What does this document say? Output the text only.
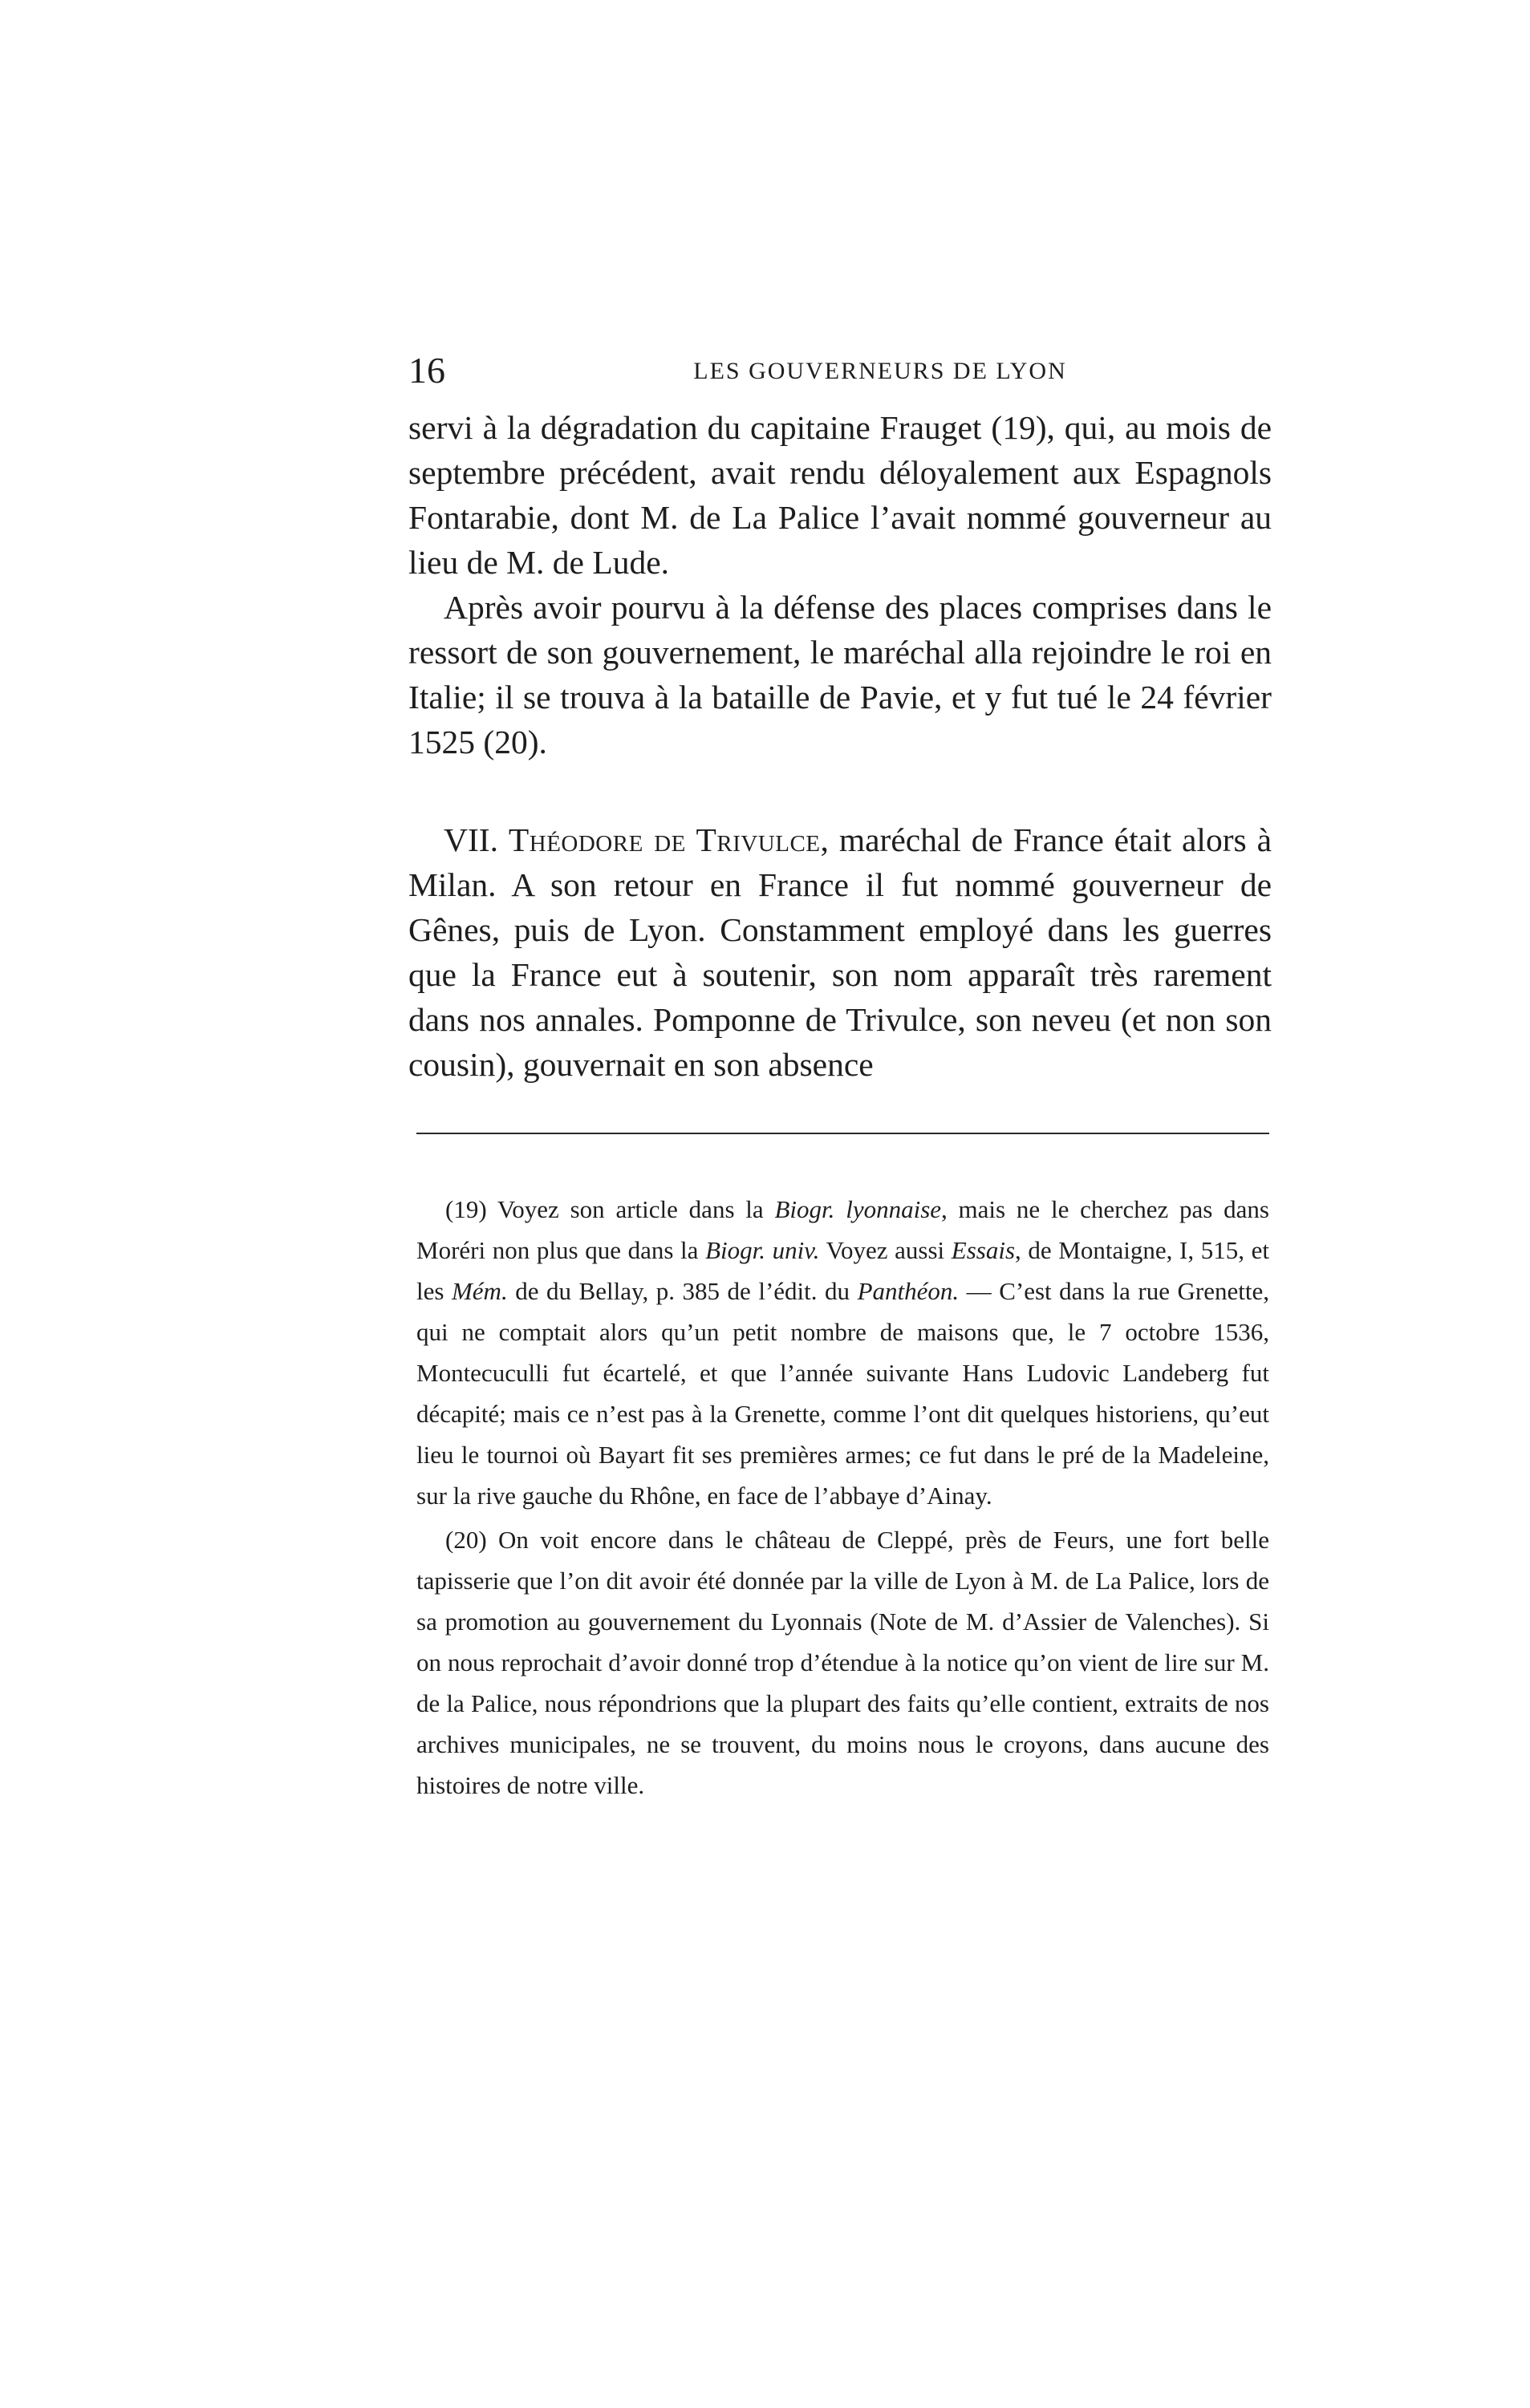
16	LES GOUVERNEURS DE LYON

servi à la dégradation du capitaine Frauget (19), qui, au mois de septembre précédent, avait rendu déloyalement aux Espagnols Fontarabie, dont M. de La Palice l’avait nommé gouverneur au lieu de M. de Lude.

Après avoir pourvu à la défense des places comprises dans le ressort de son gouvernement, le maréchal alla rejoindre le roi en Italie; il se trouva à la bataille de Pavie, et y fut tué le 24 février 1525 (20).

VII. Théodore de Trivulce, maréchal de France était alors à Milan. A son retour en France il fut nommé gouverneur de Gênes, puis de Lyon. Constamment employé dans les guerres que la France eut à soutenir, son nom apparaît très rarement dans nos annales. Pomponne de Trivulce, son neveu (et non son cousin), gouvernait en son absence

(19) Voyez son article dans la Biogr. lyonnaise, mais ne le cherchez pas dans Moréri non plus que dans la Biogr. univ. Voyez aussi Essais, de Montaigne, I, 515, et les Mém. de du Bellay, p. 385 de l’édit. du Panthéon. — C’est dans la rue Grenette, qui ne comptait alors qu’un petit nombre de maisons que, le 7 octobre 1536, Montecuculli fut écartelé, et que l’année suivante Hans Ludovic Landeberg fut décapité; mais ce n’est pas à la Grenette, comme l’ont dit quelques historiens, qu’eut lieu le tournoi où Bayart fit ses premières armes; ce fut dans le pré de la Madeleine, sur la rive gauche du Rhône, en face de l’abbaye d’Ainay.

(20) On voit encore dans le château de Cleppé, près de Feurs, une fort belle tapisserie que l’on dit avoir été donnée par la ville de Lyon à M. de La Palice, lors de sa promotion au gouvernement du Lyonnais (Note de M. d’Assier de Valenches). Si on nous reprochait d’avoir donné trop d’étendue à la notice qu’on vient de lire sur M. de la Palice, nous répondrions que la plupart des faits qu’elle contient, extraits de nos archives municipales, ne se trouvent, du moins nous le croyons, dans aucune des histoires de notre ville.
